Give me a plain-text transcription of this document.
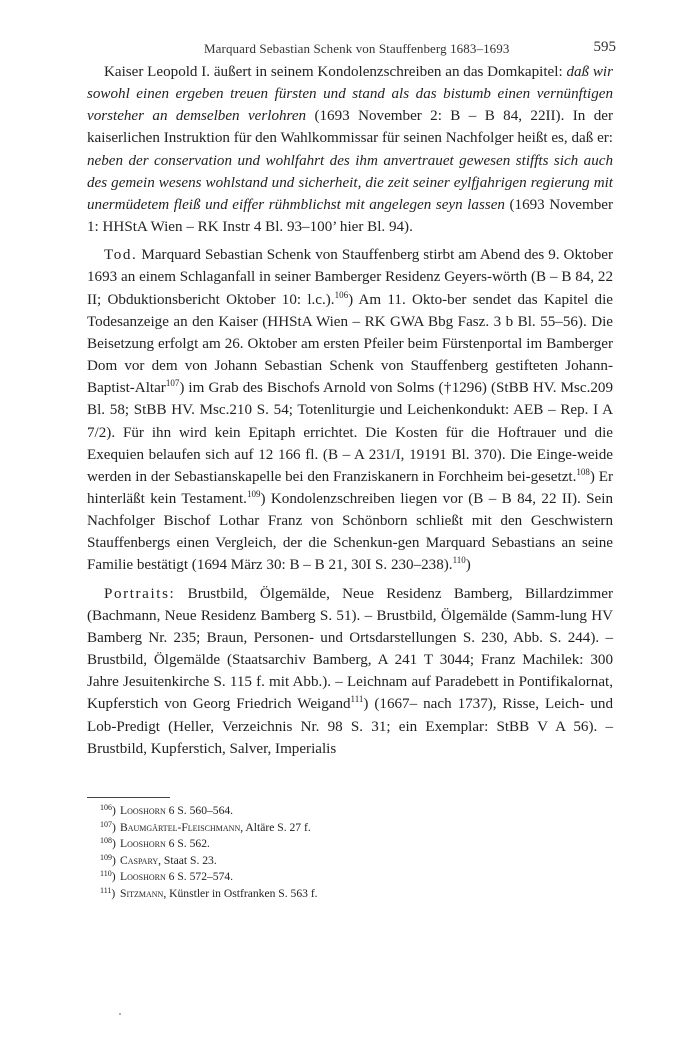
Marquard Sebastian Schenk von Stauffenberg 1683–1693	595

Kaiser Leopold I. äußert in seinem Kondolenzschreiben an das Domkapitel: daß wir sowohl einen ergeben treuen fürsten und stand als das bistumb einen vernünftigen vorsteher an demselben verlohren (1693 November 2: B – B 84, 22II). In der kaiserlichen Instruktion für den Wahlkommissar für seinen Nachfolger heißt es, daß er: neben der conservation und wohlfahrt des ihm anvertrauet gewesen stiffts sich auch des gemein wesens wohlstand und sicherheit, die zeit seiner eylfjahrigen regierung mit unermüdetem fleiß und eiffer rühmblichst mit angelegen seyn lassen (1693 November 1: HHStA Wien – RK Instr 4 Bl. 93–100’ hier Bl. 94).

Tod. Marquard Sebastian Schenk von Stauffenberg stirbt am Abend des 9. Oktober 1693 an einem Schlaganfall in seiner Bamberger Residenz Geyers-wörth (B – B 84, 22 II; Obduktionsbericht Oktober 10: l.c.).$^{106}$) Am 11. Okto-ber sendet das Kapitel die Todesanzeige an den Kaiser (HHStA Wien – RK GWA Bbg Fasz. 3 b Bl. 55–56). Die Beisetzung erfolgt am 26. Oktober am ersten Pfeiler beim Fürstenportal im Bamberger Dom vor dem von Johann Sebastian Schenk von Stauffenberg gestifteten Johann-Baptist-Altar$^{107}$) im Grab des Bischofs Arnold von Solms (†1296) (StBB HV. Msc.209 Bl. 58; StBB HV. Msc.210 S. 54; Totenliturgie und Leichenkondukt: AEB – Rep. I A 7/2). Für ihn wird kein Epitaph errichtet. Die Kosten für die Hoftrauer und die Exequien belaufen sich auf 12 166 fl. (B – A 231/I, 19191 Bl. 370). Die Einge-weide werden in der Sebastianskapelle bei den Franziskanern in Forchheim bei-gesetzt.$^{108}$) Er hinterläßt kein Testament.$^{109}$) Kondolenzschreiben liegen vor (B – B 84, 22 II). Sein Nachfolger Bischof Lothar Franz von Schönborn schließt mit den Geschwistern Stauffenbergs einen Vergleich, der die Schenkun-gen Marquard Sebastians an seine Familie bestätigt (1694 März 30: B – B 21, 30I S. 230–238).$^{110}$)

Portraits: Brustbild, Ölgemälde, Neue Residenz Bamberg, Billardzimmer (Bachmann, Neue Residenz Bamberg S. 51). – Brustbild, Ölgemälde (Samm-lung HV Bamberg Nr. 235; Braun, Personen- und Ortsdarstellungen S. 230, Abb. S. 244). – Brustbild, Ölgemälde (Staatsarchiv Bamberg, A 241 T 3044; Franz Machilek: 300 Jahre Jesuitenkirche S. 115 f. mit Abb.). – Leichnam auf Paradebett in Pontifikalornat, Kupferstich von Georg Friedrich Weigand$^{111}$) (1667– nach 1737), Risse, Leich- und Lob-Predigt (Heller, Verzeichnis Nr. 98 S. 31; ein Exemplar: StBB V A 56). – Brustbild, Kupferstich, Salver, Imperialis

$^{106}$) Looshorn 6 S. 560–564.
$^{107}$) Baumgärtel-Fleischmann, Altäre S. 27 f.
$^{108}$) Looshorn 6 S. 562.
$^{109}$) Caspary, Staat S. 23.
$^{110}$) Looshorn 6 S. 572–574.
$^{111}$) Sitzmann, Künstler in Ostfranken S. 563 f.
